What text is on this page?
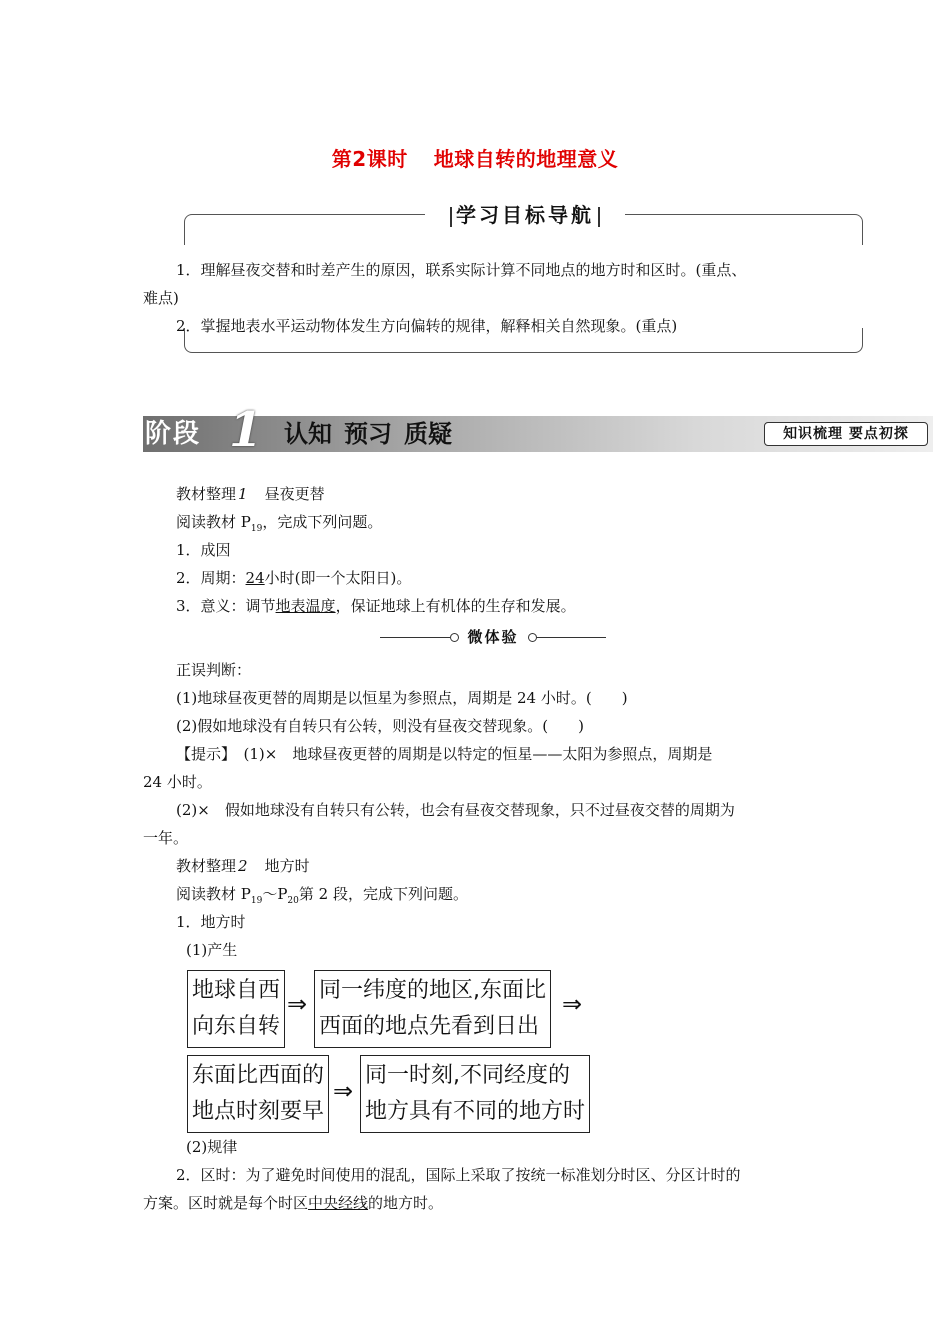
第2课时 地球自转的地理意义
学习目标导航
1．理解昼夜交替和时差产生的原因，联系实际计算不同地点的地方时和区时。(重点、
难点)
2．掌握地表水平运动物体发生方向偏转的规律，解释相关自然现象。(重点)
阶段 1 认知 预习 质疑	知识梳理 要点初探
教材整理 1　 昼夜更替
阅读教材 $P_{19}$，完成下列问题。
1．成因
2．周期：24小时(即一个太阳日)。
3．意义：调节地表温度，保证地球上有机体的生存和发展。
微体验
正误判断：
(1)地球昼夜更替的周期是以恒星为参照点，周期是 24 小时。(　　)
(2)假如地球没有自转只有公转，则没有昼夜交替现象。(　　)
【提示】　 (1)×　地球昼夜更替的周期是以特定的恒星——太阳为参照点，周期是
24 小时。
(2)×　假如地球没有自转只有公转，也会有昼夜交替现象，只不过昼夜交替的周期为
一年。
教材整理 2　 地方时
阅读教材 $P_{19}\sim P_{20}$第 2 段，完成下列问题。
1．地方时
(1)产生
地球自西
向东自转
⇒ 同一纬度的地区,东面比
西面的地点先看到日出
⇒
东面比西面的
地点时刻要早
⇒
同一时刻,不同经度的
地方具有不同的地方时
(2)规律
2．区时：为了避免时间使用的混乱，国际上采取了按统一标准划分时区、分区计时的
方案。区时就是每个时区中央经线的地方时。
